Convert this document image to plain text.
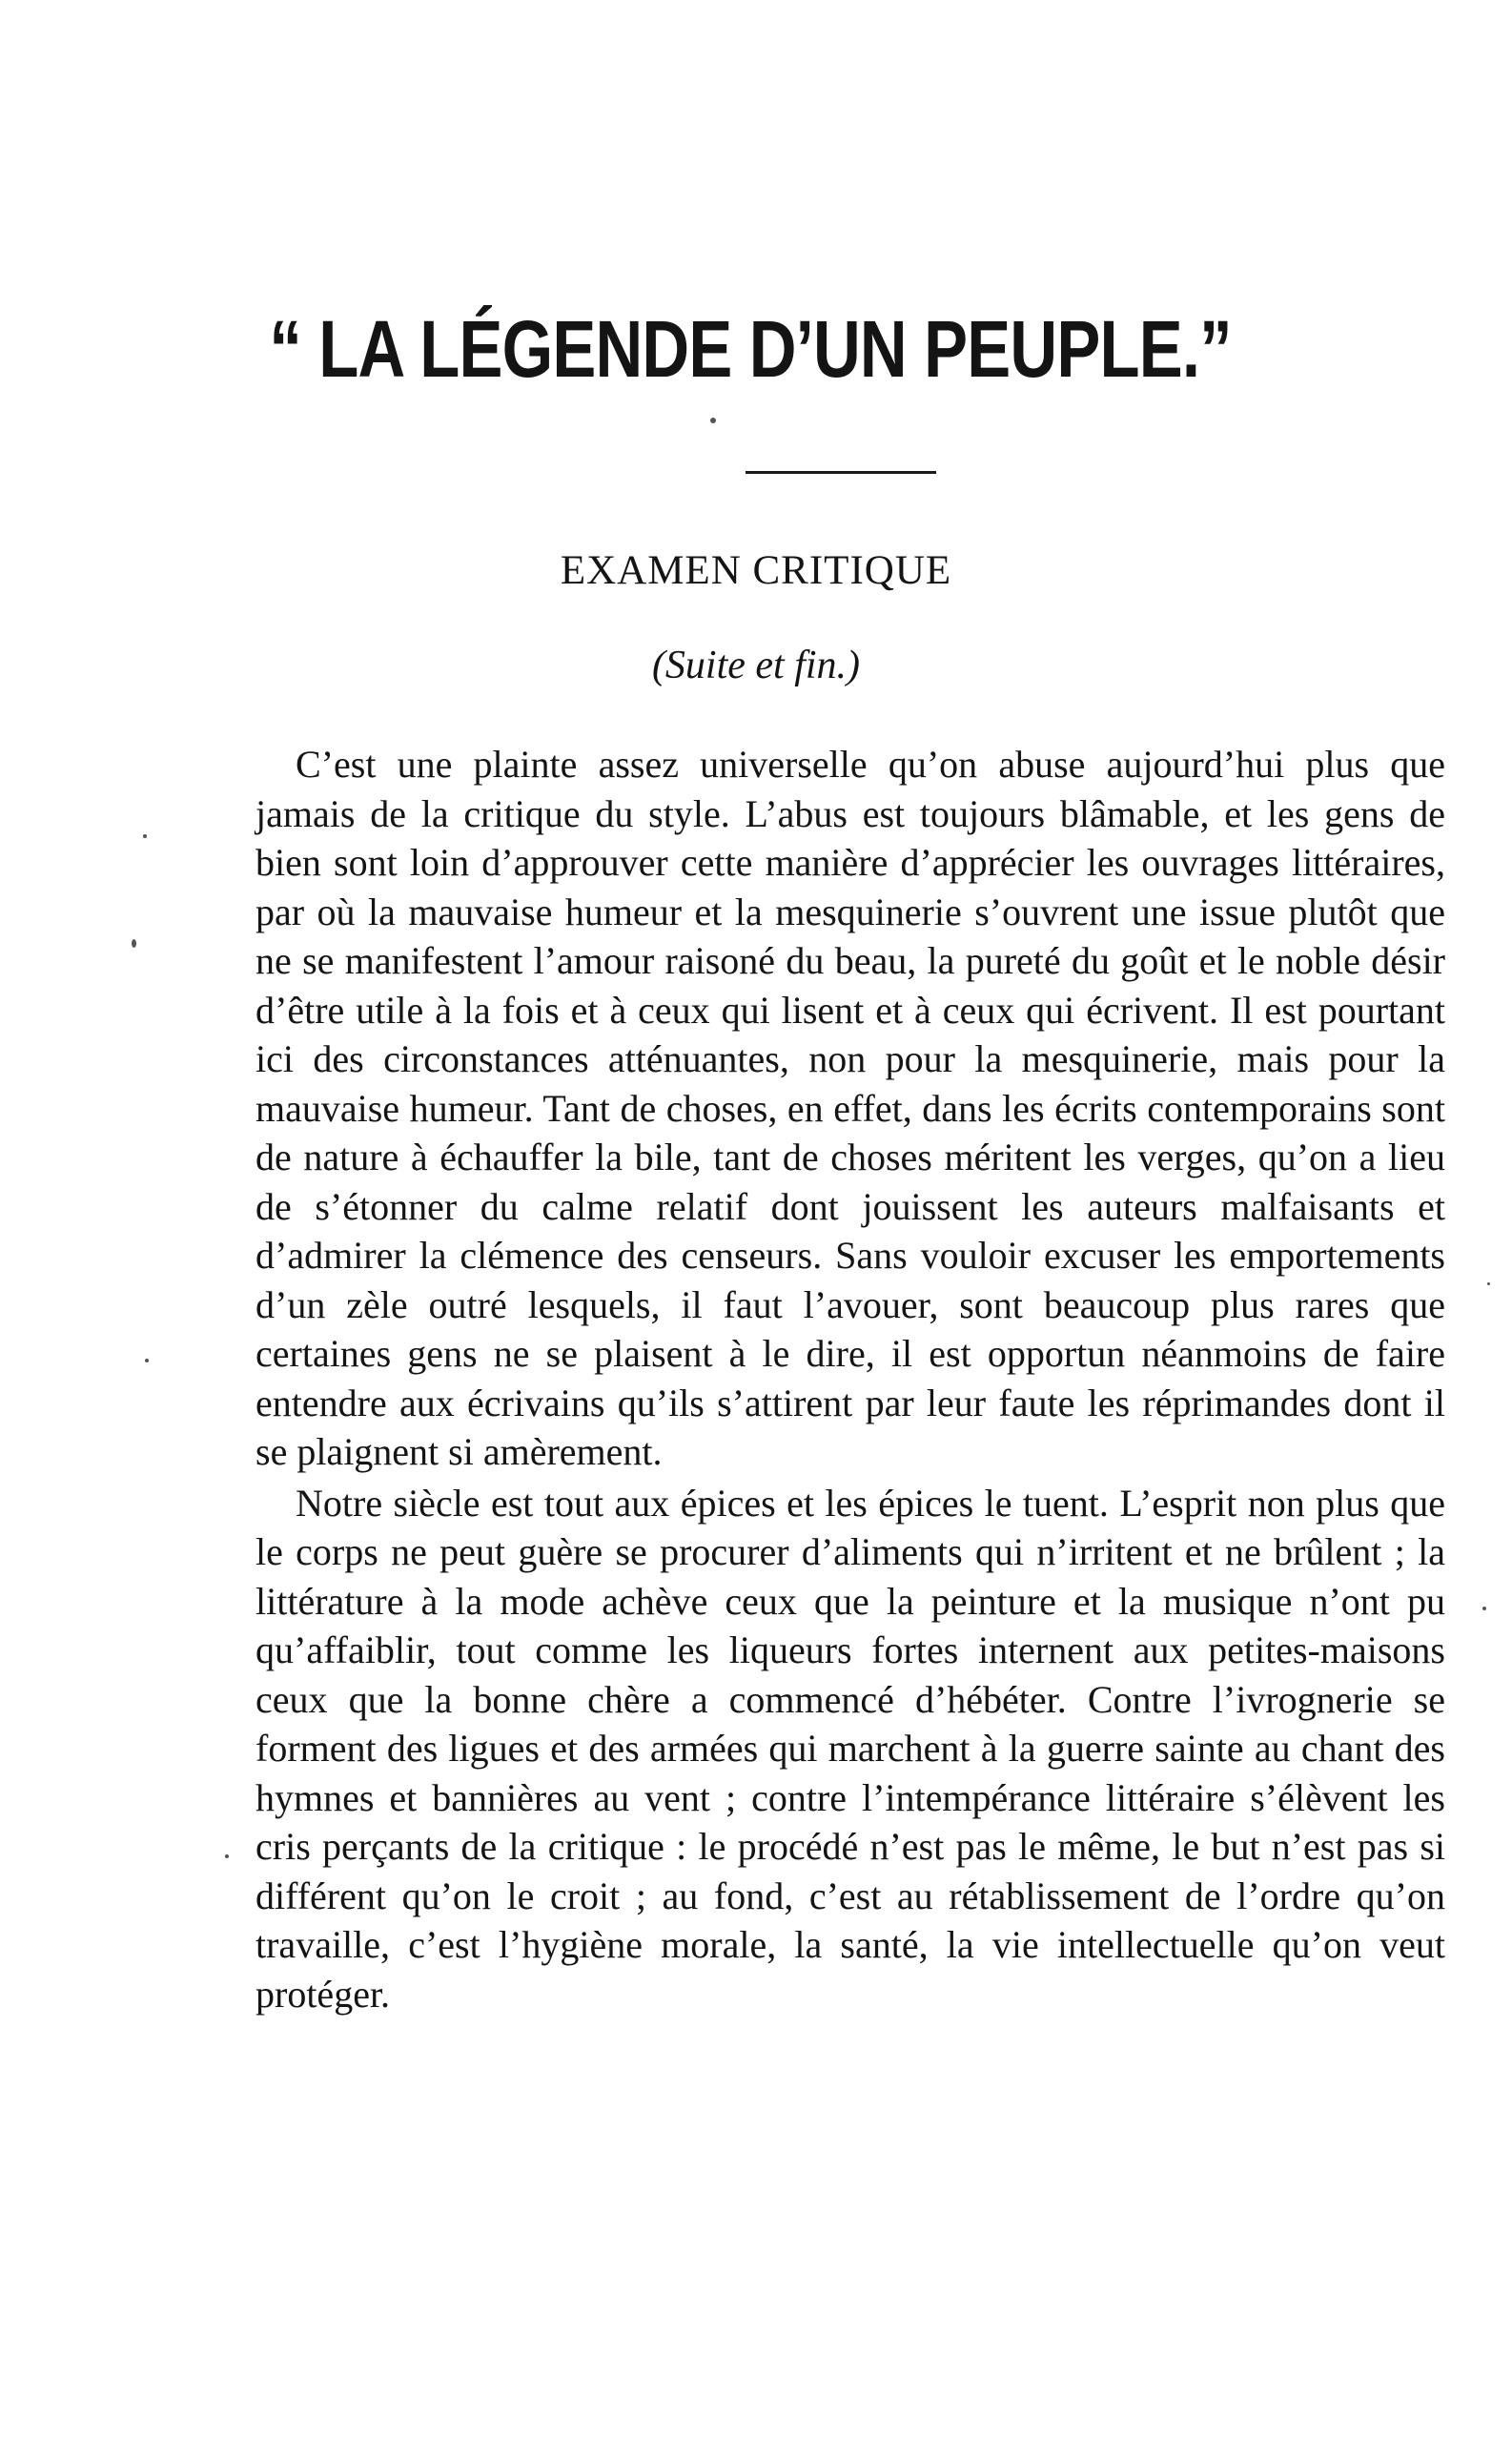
“ LA LÉGENDE D’UN PEUPLE.”
EXAMEN CRITIQUE
(Suite et fin.)

C’est une plainte assez universelle qu’on abuse aujourd’hui plus que jamais de la critique du style. L’abus est toujours blâmable, et les gens de bien sont loin d’approuver cette manière d’apprécier les ouvrages littéraires, par où la mauvaise humeur et la mesquinerie s’ouvrent une issue plutôt que ne se manifestent l’amour raisoné du beau, la pureté du goût et le noble désir d’être utile à la fois et à ceux qui lisent et à ceux qui écrivent. Il est pourtant ici des circonstances atténuantes, non pour la mesquinerie, mais pour la mauvaise humeur. Tant de choses, en effet, dans les écrits contemporains sont de nature à échauffer la bile, tant de choses méritent les verges, qu’on a lieu de s’étonner du calme relatif dont jouissent les auteurs malfaisants et d’admirer la clémence des censeurs. Sans vouloir excuser les emportements d’un zèle outré lesquels, il faut l’avouer, sont beaucoup plus rares que certaines gens ne se plaisent à le dire, il est opportun néanmoins de faire entendre aux écrivains qu’ils s’attirent par leur faute les réprimandes dont il se plaignent si amèrement.

Notre siècle est tout aux épices et les épices le tuent. L’esprit non plus que le corps ne peut guère se procurer d’aliments qui n’irritent et ne brûlent ; la littérature à la mode achève ceux que la peinture et la musique n’ont pu qu’affaiblir, tout comme les liqueurs fortes internent aux petites-maisons ceux que la bonne chère a commencé d’hébéter. Contre l’ivrognerie se forment des ligues et des armées qui marchent à la guerre sainte au chant des hymnes et bannières au vent ; contre l’intempérance littéraire s’élèvent les cris perçants de la critique : le procédé n’est pas le même, le but n’est pas si différent qu’on le croit ; au fond, c’est au rétablissement de l’ordre qu’on travaille, c’est l’hygiène morale, la santé, la vie intellectuelle qu’on veut protéger.
